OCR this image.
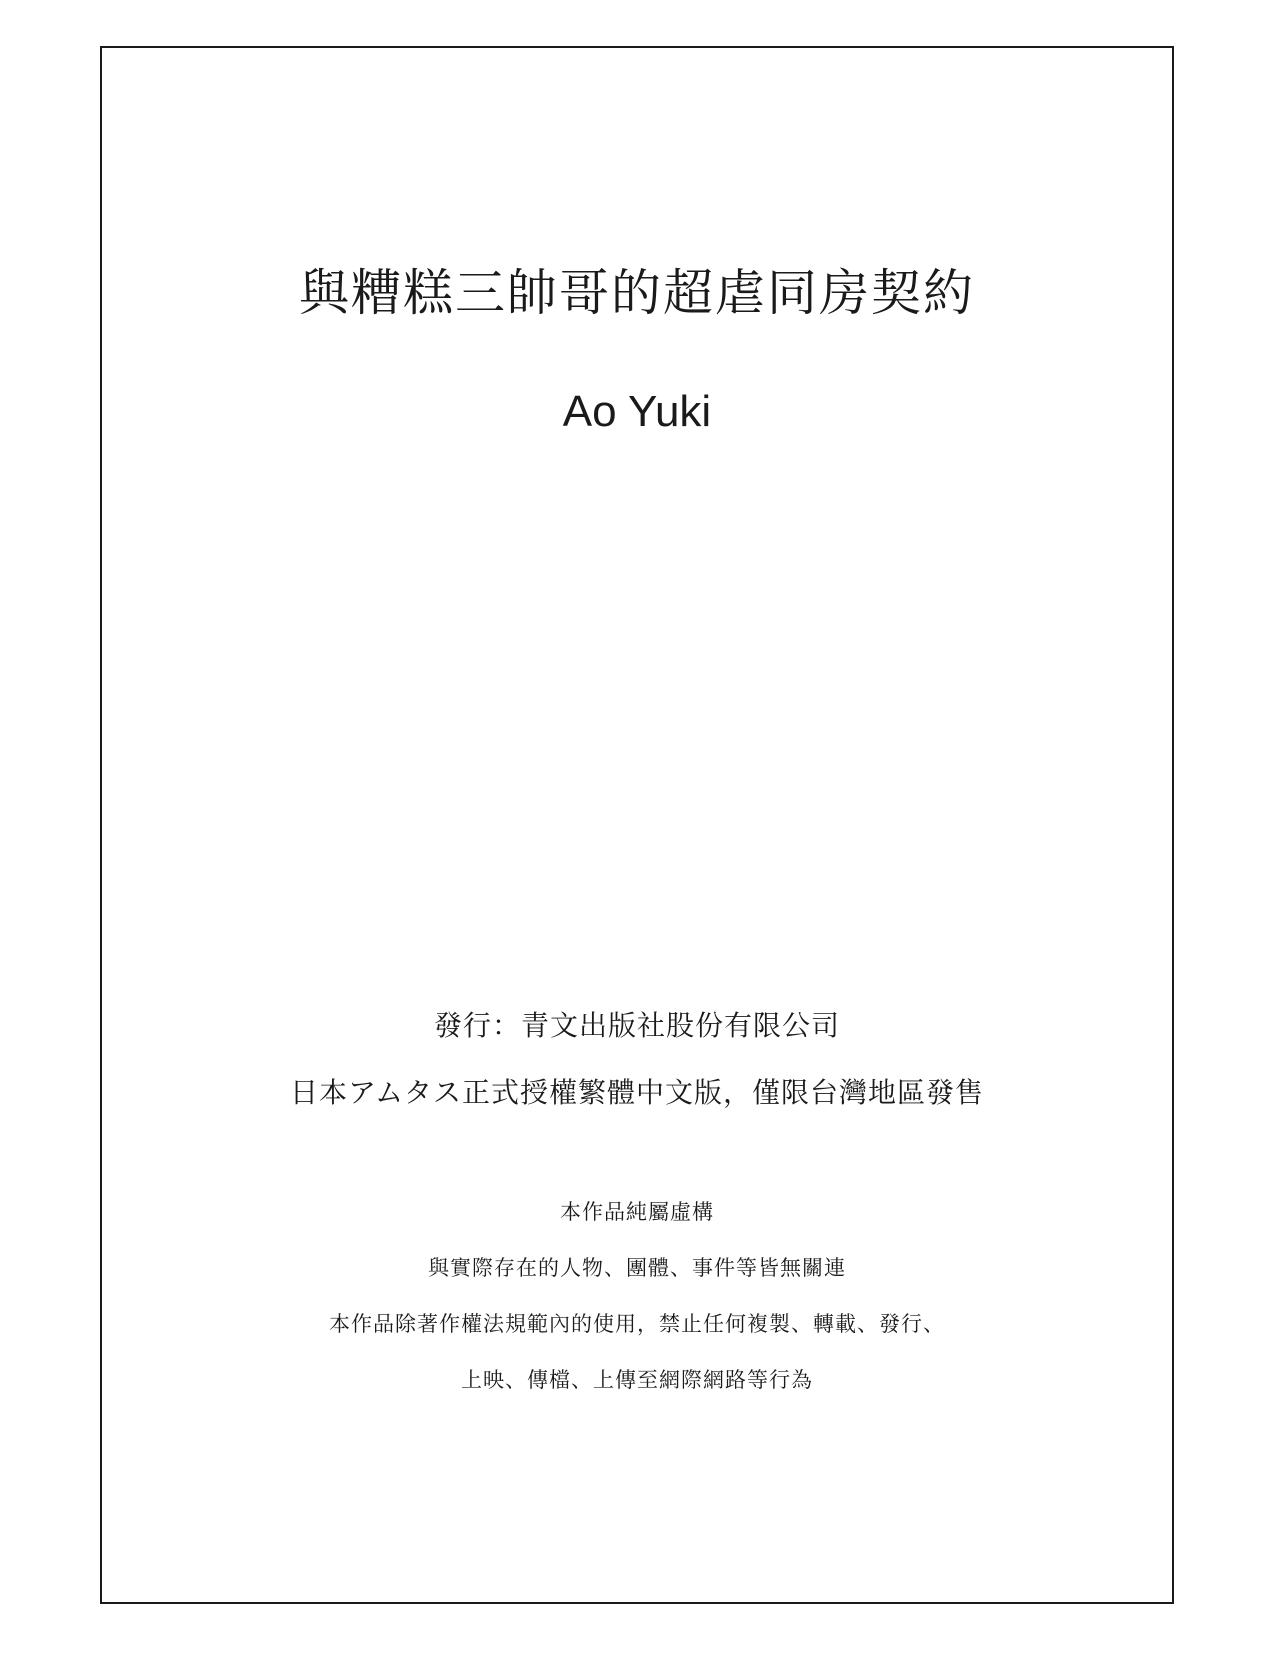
與糟糕三帥哥的超虐同房契約
Ao Yuki
發行：青文出版社股份有限公司
日本アムタス正式授權繁體中文版，僅限台灣地區發售
本作品純屬虛構
與實際存在的人物、團體、事件等皆無關連
本作品除著作權法規範內的使用，禁止任何複製、轉載、發行、
上映、傳檔、上傳至網際網路等行為
